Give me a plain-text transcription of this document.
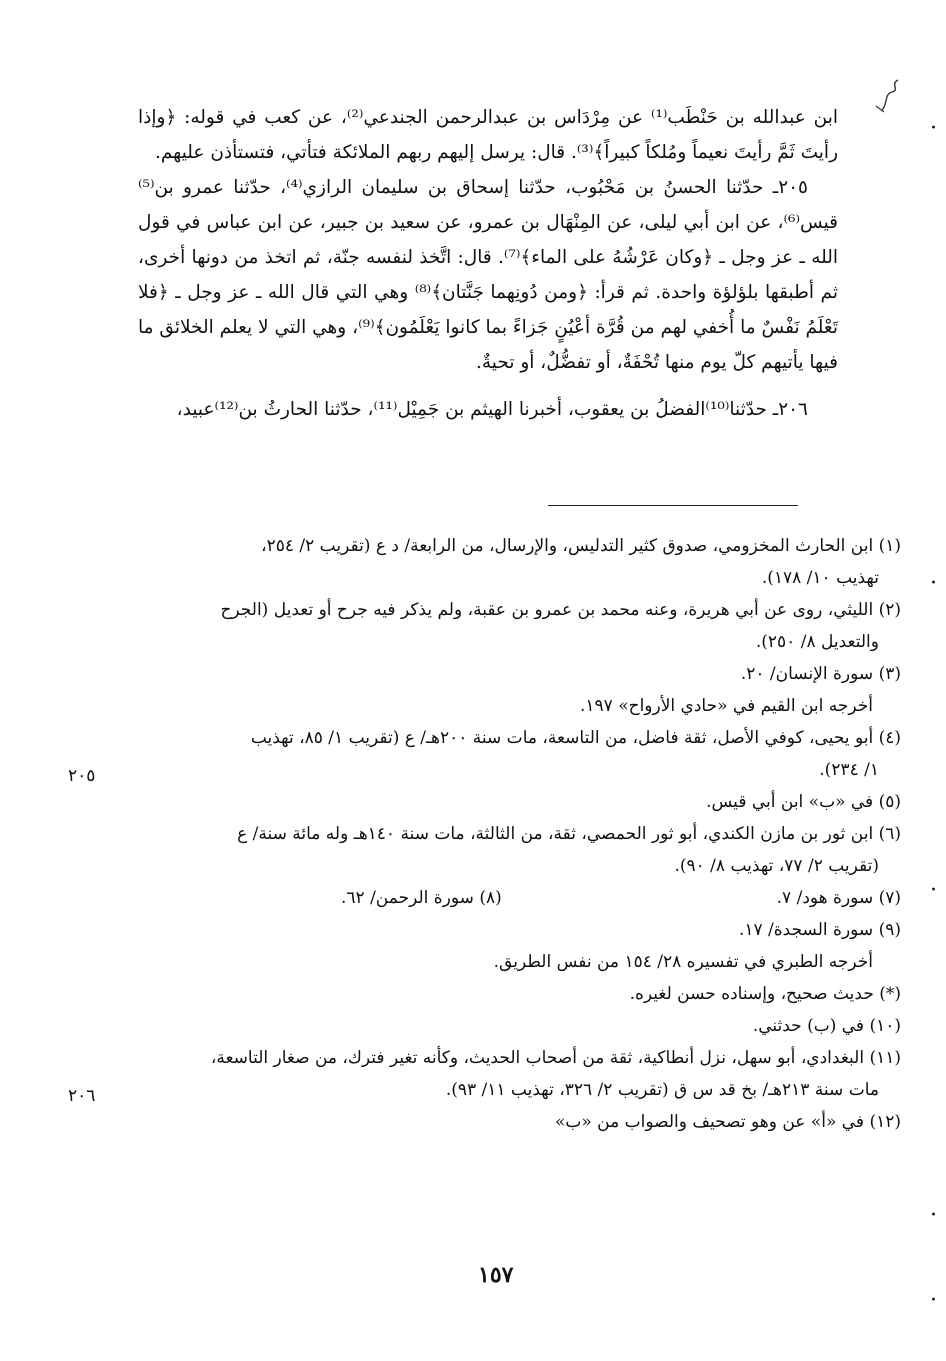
ابن عبدالله بن حَنْطَب⁽¹⁾ عن مِرْدَاس بن عبدالرحمن الجندعي⁽²⁾، عن كعب في قوله: ﴿وإذا رأيتَ ثَمَّ رأيتَ نعيماً ومُلكاً كبيراً﴾⁽³⁾. قال: يرسل إليهم ربهم الملائكة فتأتي، فتستأذن عليهم.

٢٠٥ـ حدّثنا الحسنُ بن مَحْبُوب، حدّثنا إسحاق بن سليمان الرازي⁽⁴⁾، حدّثنا عمرو بن⁽⁵⁾ قيس⁽⁶⁾، عن ابن أبي ليلى، عن المِنْهَال بن عمرو، عن سعيد بن جبير، عن ابن عباس في قول الله ـ عز وجل ـ ﴿وكان عَرْشُهُ على الماء﴾⁽⁷⁾. قال: اتَّخذ لنفسه جنّة، ثم اتخذ من دونها أخرى، ثم أطبقها بلؤلؤة واحدة. ثم قرأ: ﴿ومن دُونِهما جَنَّتان﴾⁽⁸⁾ وهي التي قال الله ـ عز وجل ـ ﴿فلا تَعْلَمُ نَفْسٌ ما أُخفي لهم من قُرَّة أعْيُنٍ جَزاءً بما كانوا يَعْلَمُون﴾⁽⁹⁾، وهي التي لا يعلم الخلائق ما فيها يأتيهم كلّ يوم منها تُحْفَةٌ، أو تفضُّلٌ، أو تحيةٌ.

٢٠٦ـ حدّثنا⁽¹⁰⁾الفضلُ بن يعقوب، أخبرنا الهيثم بن جَمِيْل⁽¹¹⁾، حدّثنا الحارثُ بن⁽¹²⁾عبيد،

(١) ابن الحارث المخزومي، صدوق كثير التدليس، والإرسال، من الرابعة/ د ع (تقريب ٢/ ٢٥٤،

تهذيب ١٠/ ١٧٨).

(٢) الليثي، روى عن أبي هريرة، وعنه محمد بن عمرو بن عقبة، ولم يذكر فيه جرح أو تعديل (الجرح

والتعديل ٨/ ٢٥٠).

(٣) سورة الإنسان/ ٢٠.

أخرجه ابن القيم في «حادي الأرواح» ١٩٧.

(٤) أبو يحيى، كوفي الأصل، ثقة فاضل، من التاسعة، مات سنة ٢٠٠هـ/ ع (تقريب ١/ ٨٥، تهذيب

١/ ٢٣٤).

(٥) في «ب» ابن أبي قيس.

(٦) ابن ثور بن مازن الكندي، أبو ثور الحمصي، ثقة، من الثالثة، مات سنة ١٤٠هـ وله مائة سنة/ ع

(تقريب ٢/ ٧٧، تهذيب ٨/ ٩٠).

(٧) سورة هود/ ٧.
(٨) سورة الرحمن/ ٦٢.

(٩) سورة السجدة/ ١٧.

أخرجه الطبري في تفسيره ٢٨/ ١٥٤ من نفس الطريق.

(*) حديث صحيح، وإسناده حسن لغيره.

(١٠) في (ب) حدثني.

(١١) البغدادي، أبو سهل، نزل أنطاكية، ثقة من أصحاب الحديث، وكأنه تغير فترك، من صغار التاسعة،

مات سنة ٢١٣هـ/ بخ قد س ق (تقريب ٢/ ٣٢٦، تهذيب ١١/ ٩٣).

(١٢) في «أ» عن وهو تصحيف والصواب من «ب»

٢٠٥
٢٠٦
١٥٧
·
·
·
·
·
